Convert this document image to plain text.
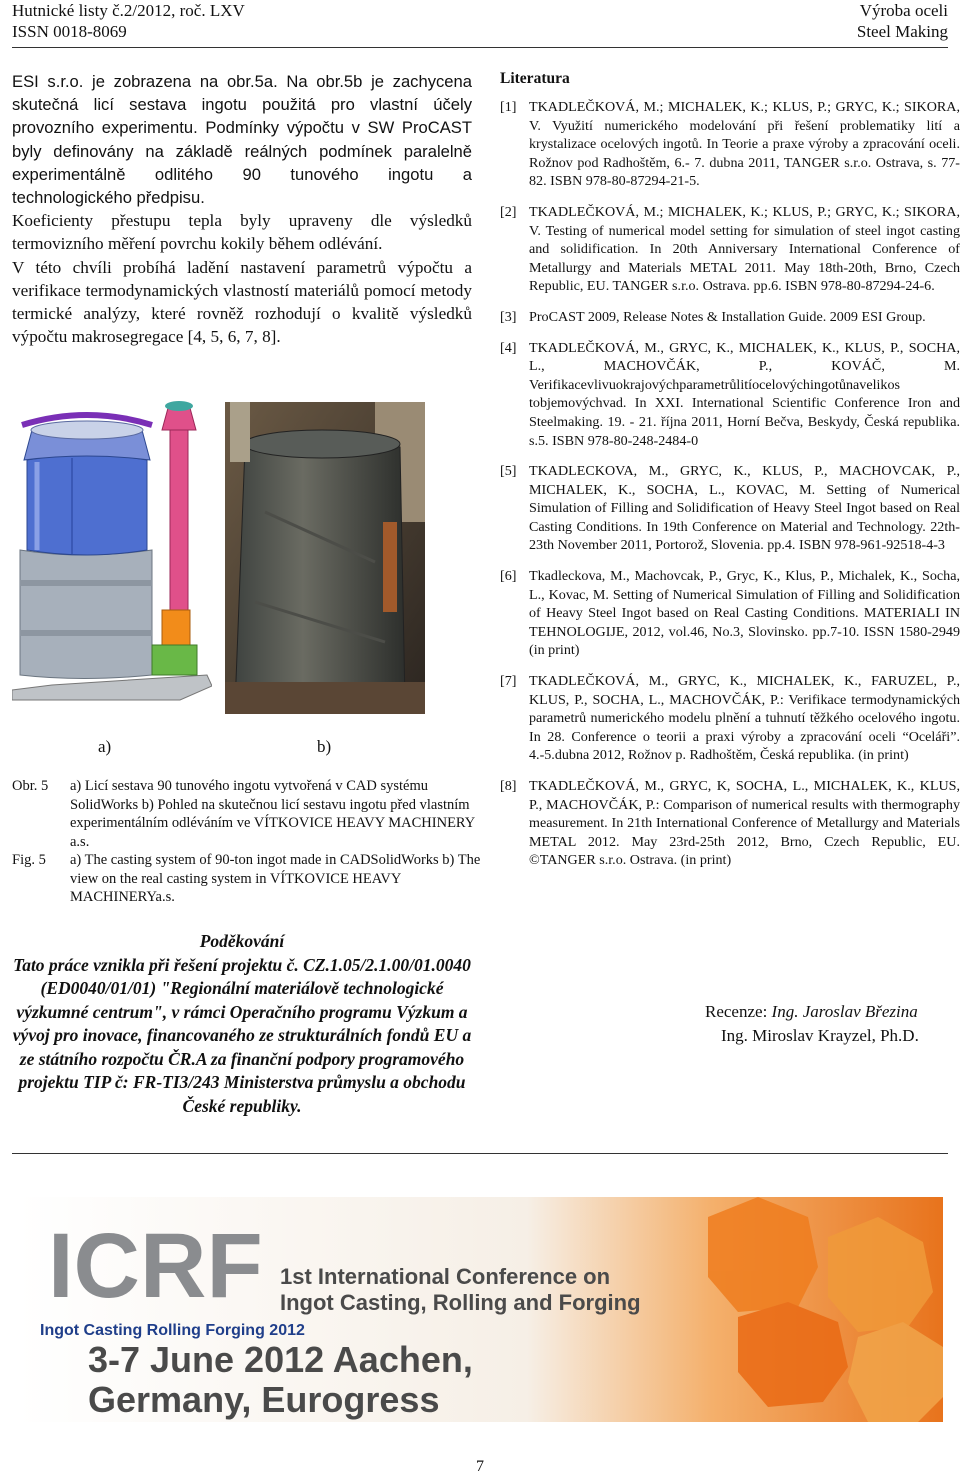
Hutnické listy č.2/2012, roč. LXV
ISSN 0018-8069
Výroba oceli
Steel Making

ESI s.r.o. je zobrazena na obr.5a. Na obr.5b je zachycena skutečná licí sestava ingotu použitá pro vlastní účely provozního experimentu. Podmínky výpočtu v SW ProCAST byly definovány na základě reálných podmínek paralelně experimentálně odlitého 90 tunového ingotu a technologického předpisu.

Koeficienty přestupu tepla byly upraveny dle výsledků termovizního měření povrchu kokily během odlévání.

V této chvíli probíhá ladění nastavení parametrů výpočtu a verifikace termodynamických vlastností materiálů pomocí metody termické analýzy, které rovněž rozhodují o kvalitě výsledků výpočtu makrosegregace [4, 5, 6, 7, 8].

a)	b)
Obr. 5 a) Licí sestava 90 tunového ingotu vytvořená v CAD systému SolidWorks b) Pohled na skutečnou licí sestavu ingotu před vlastním experimentálním odléváním ve VÍTKOVICE HEAVY MACHINERY a.s.
Fig. 5 a) The casting system of 90-ton ingot made in CADSolidWorks b) The view on the real casting system in VÍTKOVICE HEAVY MACHINERYa.s.
Poděkování
Tato práce vznikla při řešení projektu č. CZ.1.05/2.1.00/01.0040 (ED0040/01/01) "Regionální materiálově technologické výzkumné centrum", v rámci Operačního programu Výzkum a vývoj pro inovace, financovaného ze strukturálních fondů EU a ze státního rozpočtu ČR.A za finanční podpory programového projektu TIP č: FR-TI3/243 Ministerstva průmyslu a obchodu České republiky.
Literatura
[1] TKADLEČKOVÁ, M.; MICHALEK, K.; KLUS, P.; GRYC, K.; SIKORA, V. Využití numerického modelování při řešení problematiky lití a krystalizace ocelových ingotů. In Teorie a praxe výroby a zpracování oceli. Rožnov pod Radhoštěm, 6.- 7. dubna 2011, TANGER s.r.o. Ostrava, s. 77-82. ISBN 978-80-87294-21-5.
[2] TKADLEČKOVÁ, M.; MICHALEK, K.; KLUS, P.; GRYC, K.; SIKORA, V. Testing of numerical model setting for simulation of steel ingot casting and solidification. In 20th Anniversary International Conference of Metallurgy and Materials METAL 2011. May 18th-20th, Brno, Czech Republic, EU. TANGER s.r.o. Ostrava. pp.6. ISBN 978-80-87294-24-6.
[3] ProCAST 2009, Release Notes & Installation Guide. 2009 ESI Group.
[4] TKADLEČKOVÁ, M., GRYC, K., MICHALEK, K., KLUS, P., SOCHA, L., MACHOVČÁK, P., KOVÁČ, M. Verifikacevlivuokrajovýchparametrůlitíocelovýchingotůnavelikos tobjemovýchvad. In XXI. International Scientific Conference Iron and Steelmaking. 19. - 21. října 2011, Horní Bečva, Beskydy, Česká republika. s.5. ISBN 978-80-248-2484-0
[5] TKADLECKOVA, M., GRYC, K., KLUS, P., MACHOVCAK, P., MICHALEK, K., SOCHA, L., KOVAC, M. Setting of Numerical Simulation of Filling and Solidification of Heavy Steel Ingot based on Real Casting Conditions. In 19th Conference on Material and Technology. 22th-23th November 2011, Portorož, Slovenia. pp.4. ISBN 978-961-92518-4-3
[6] Tkadleckova, M., Machovcak, P., Gryc, K., Klus, P., Michalek, K., Socha, L., Kovac, M. Setting of Numerical Simulation of Filling and Solidification of Heavy Steel Ingot based on Real Casting Conditions. MATERIALI IN TEHNOLOGIJE, 2012, vol.46, No.3, Slovinsko. pp.7-10. ISSN 1580-2949 (in print)
[7] TKADLEČKOVÁ, M., GRYC, K., MICHALEK, K., FARUZEL, P., KLUS, P., SOCHA, L., MACHOVČÁK, P.: Verifikace termodynamických parametrů numerického modelu plnění a tuhnutí těžkého ocelového ingotu. In 28. Conference o teorii a praxi výroby a zpracování oceli “Oceláři”. 4.-5.dubna 2012, Rožnov p. Radhoštěm, Česká republika. (in print)
[8] TKADLEČKOVÁ, M., GRYC, K, SOCHA, L., MICHALEK, K., KLUS, P., MACHOVČÁK, P.: Comparison of numerical results with thermography measurement. In 21th International Conference of Metallurgy and Materials METAL 2012. May 23rd-25th 2012, Brno, Czech Republic, EU. ©TANGER s.r.o. Ostrava. (in print)
Recenze: Ing. Jaroslav Březina
Ing. Miroslav Krayzel, Ph.D.
ICRF
Ingot Casting Rolling Forging 2012
1st International Conference on
Ingot Casting, Rolling and Forging
3-7 June 2012 Aachen,
Germany, Eurogress
7
